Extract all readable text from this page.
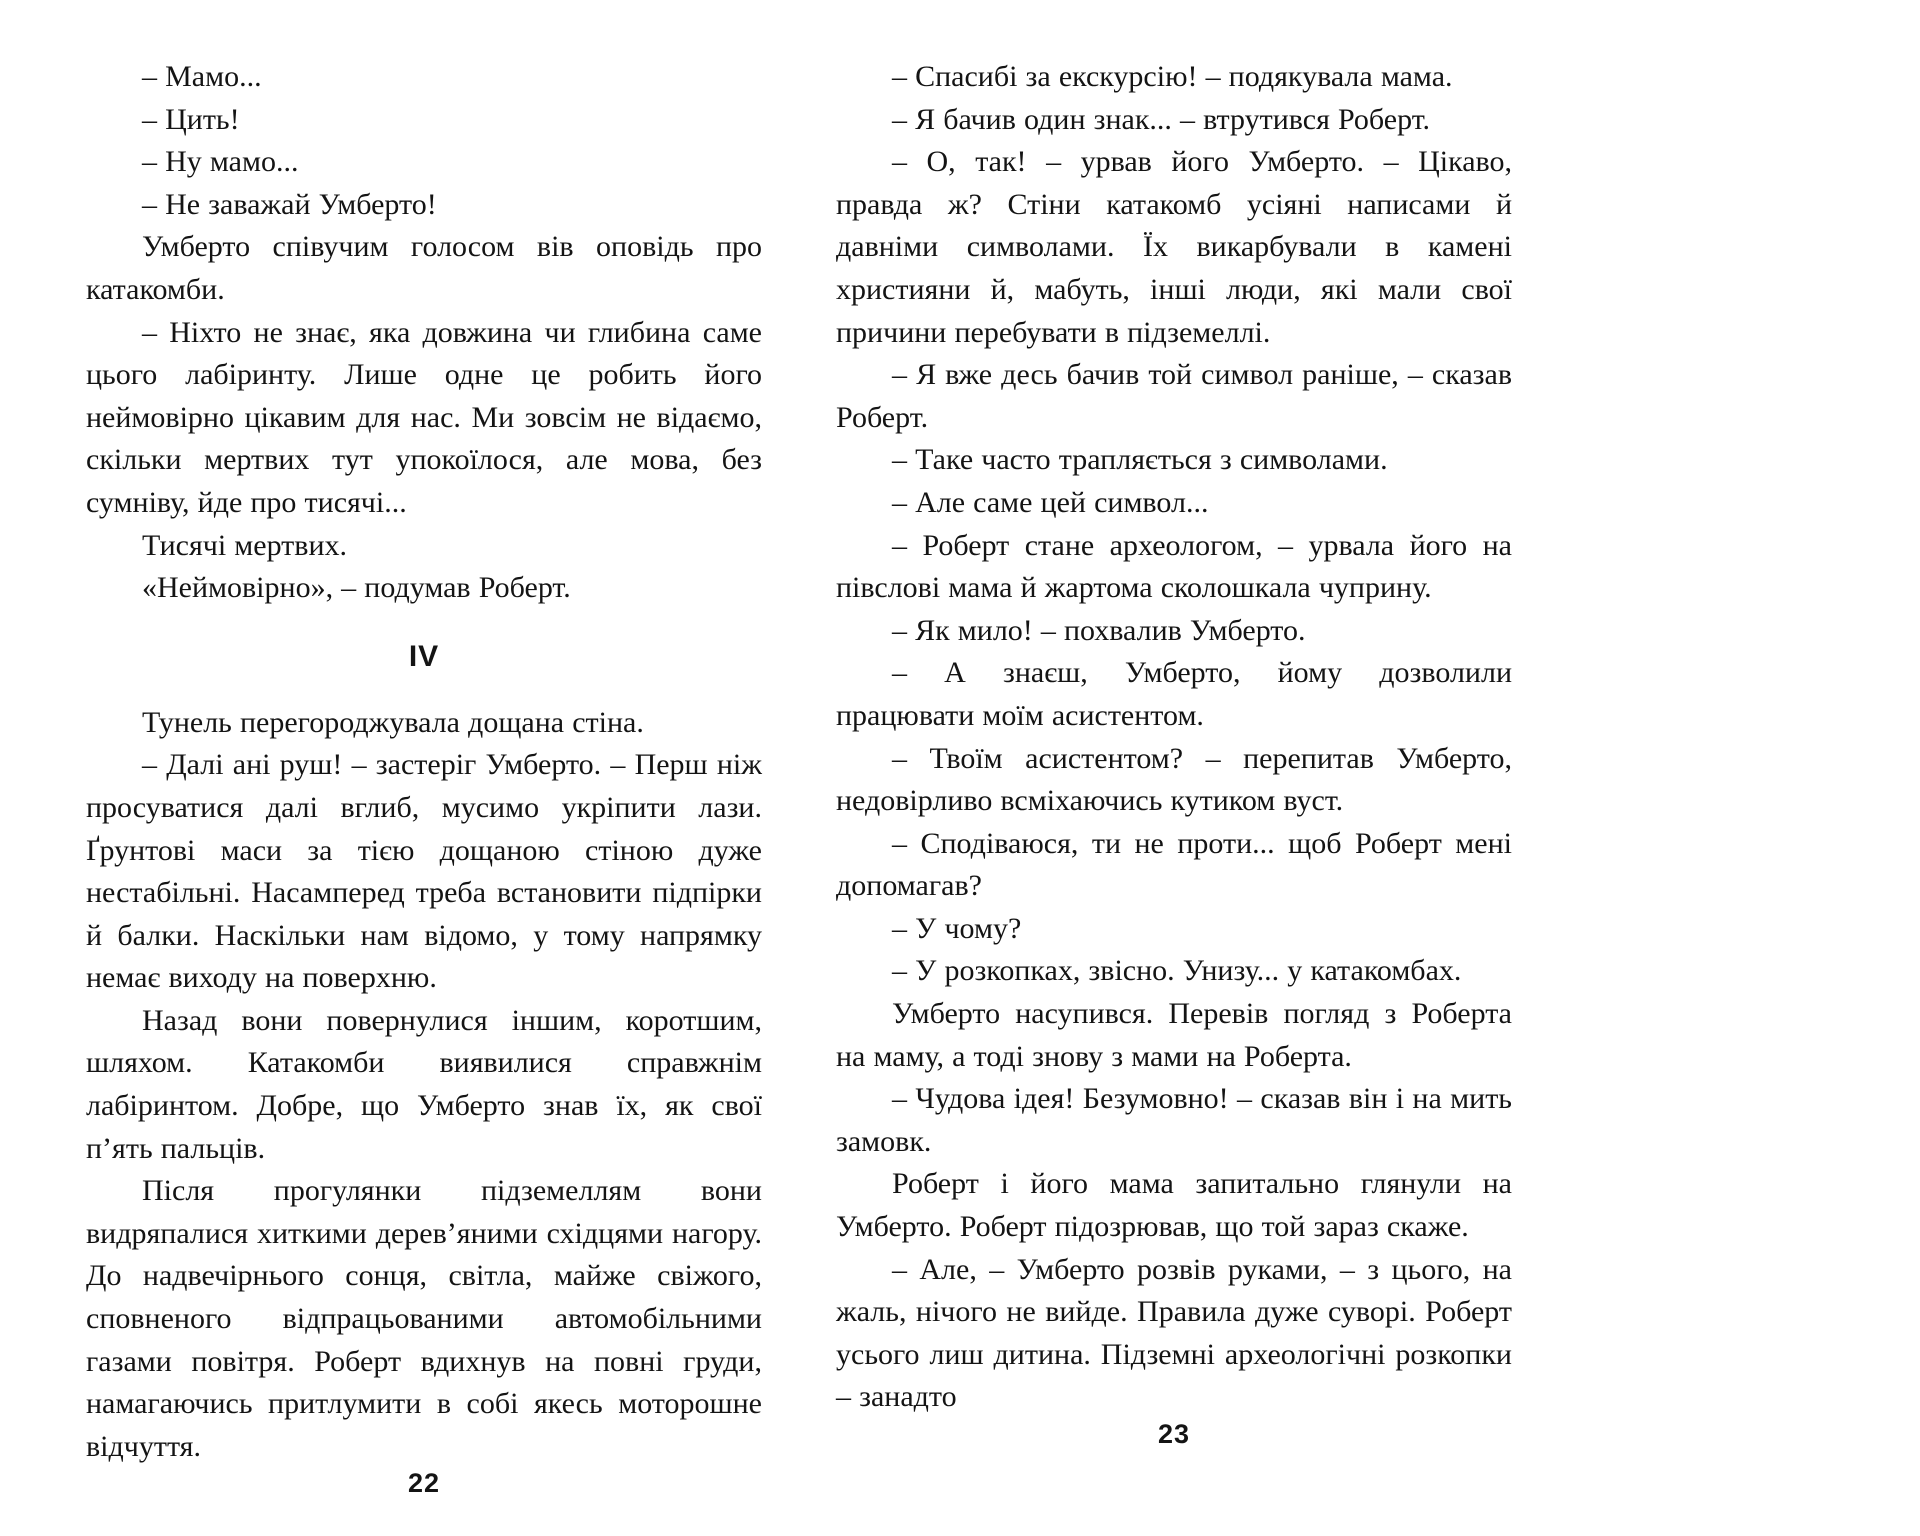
– Мамо...

– Цить!

– Ну мамо...

– Не заважай Умберто!

Умберто співучим голосом вів оповідь про катакомби.

– Ніхто не знає, яка довжина чи глибина саме цього лабіринту. Лише одне це робить його неймовірно цікавим для нас. Ми зовсім не відаємо, скільки мертвих тут упокоїлося, але мова, без сумніву, йде про тисячі...

Тисячі мертвих.

«Неймовірно», – подумав Роберт.

IV

Тунель перегороджувала дощана стіна.

– Далі ані руш! – застеріг Умберто. – Перш ніж просуватися далі вглиб, мусимо укріпити лази. Ґрунтові маси за тією дощаною стіною дуже нестабільні. Насамперед треба встановити підпірки й балки. Наскільки нам відомо, у тому напрямку немає виходу на поверхню.

Назад вони повернулися іншим, коротшим, шляхом. Катакомби виявилися справжнім лабіринтом. Добре, що Умберто знав їх, як свої п’ять пальців.

Після прогулянки підземеллям вони видряпалися хиткими дерев’яними східцями нагору. До надвечірнього сонця, світла, майже свіжого, сповненого відпрацьованими автомобільними газами повітря. Роберт вдихнув на повні груди, намагаючись притлумити в собі якесь моторошне відчуття.

22

– Спасибі за екскурсію! – подякувала мама.

– Я бачив один знак... – втрутився Роберт.

– О, так! – урвав його Умберто. – Цікаво, правда ж? Стіни катакомб усіяні написами й давніми символами. Їх викарбували в камені християни й, мабуть, інші люди, які мали свої причини перебувати в підземеллі.

– Я вже десь бачив той символ раніше, – сказав Роберт.

– Таке часто трапляється з символами.

– Але саме цей символ...

– Роберт стане археологом, – урвала його на півслові мама й жартома сколошкала чуприну.

– Як мило! – похвалив Умберто.

– А знаєш, Умберто, йому дозволили працювати моїм асистентом.

– Твоїм асистентом? – перепитав Умберто, недовірливо всміхаючись кутиком вуст.

– Сподіваюся, ти не проти... щоб Роберт мені допомагав?

– У чому?

– У розкопках, звісно. Унизу... у катакомбах.

Умберто насупився. Перевів погляд з Роберта на маму, а тоді знову з мами на Роберта.

– Чудова ідея! Безумовно! – сказав він і на мить замовк.

Роберт і його мама запитально глянули на Умберто. Роберт підозрював, що той зараз скаже.

– Але, – Умберто розвів руками, – з цього, на жаль, нічого не вийде. Правила дуже суворі. Роберт усього лиш дитина. Підземні археологічні розкопки – занадто

23
